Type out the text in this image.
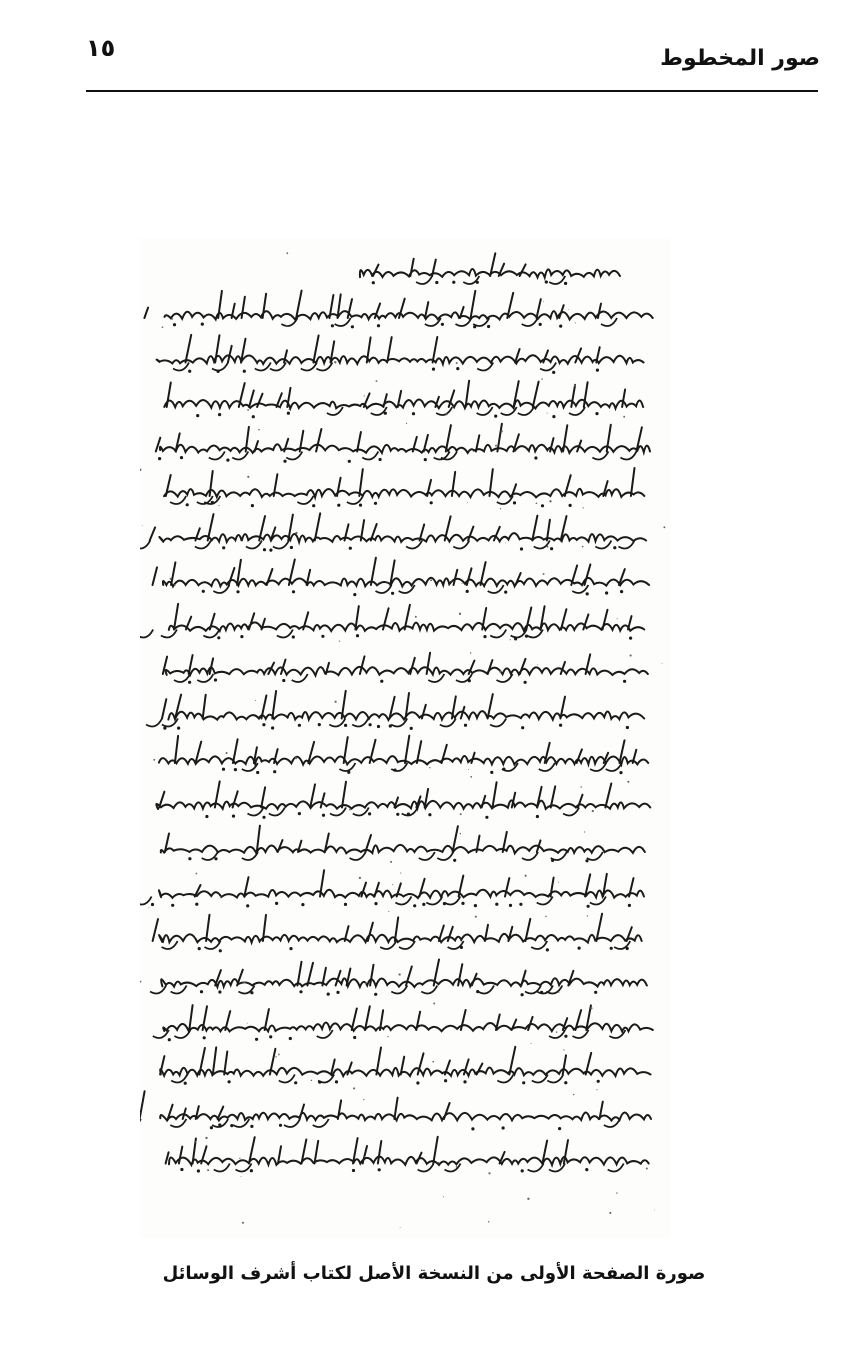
١٥	صور المخطوط
صورة الصفحة الأولى من النسخة الأصل لكتاب أشرف الوسائل
